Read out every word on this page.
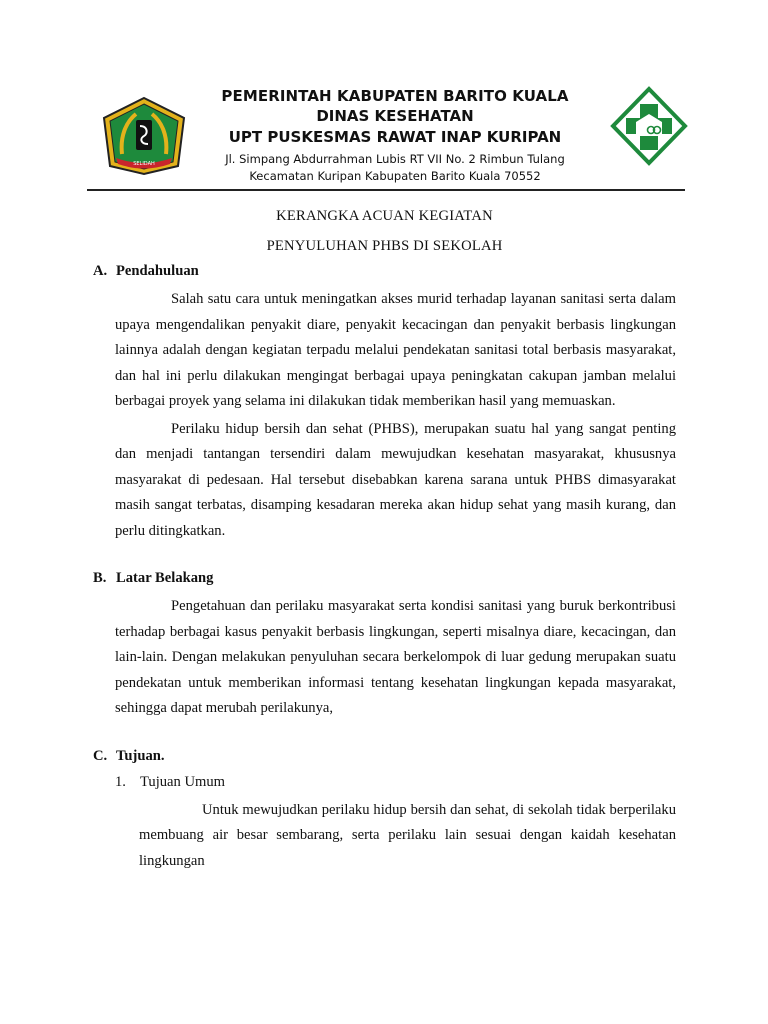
SELIDAH
PEMERINTAH KABUPATEN BARITO KUALA
DINAS KESEHATAN
UPT PUSKESMAS RAWAT INAP KURIPAN
Jl. Simpang Abdurrahman Lubis RT VII No. 2 Rimbun Tulang
Kecamatan Kuripan Kabupaten Barito Kuala 70552
KERANGKA ACUAN KEGIATAN
PENYULUHAN PHBS DI SEKOLAH
A. Pendahuluan

Salah satu cara untuk meningatkan akses murid terhadap layanan sanitasi serta dalam upaya mengendalikan penyakit diare, penyakit kecacingan dan penyakit berbasis lingkungan lainnya adalah dengan kegiatan terpadu melalui pendekatan sanitasi total berbasis masyarakat, dan hal ini perlu dilakukan mengingat berbagai upaya peningkatan cakupan jamban melalui berbagai proyek yang selama ini dilakukan tidak memberikan hasil yang memuaskan.

Perilaku hidup bersih dan sehat (PHBS), merupakan suatu hal yang sangat penting dan menjadi tantangan tersendiri dalam mewujudkan kesehatan masyarakat, khususnya masyarakat di pedesaan. Hal tersebut disebabkan karena sarana untuk PHBS dimasyarakat masih sangat terbatas, disamping kesadaran mereka akan hidup sehat yang masih kurang, dan perlu ditingkatkan.

B. Latar Belakang

Pengetahuan dan perilaku masyarakat serta kondisi sanitasi yang buruk berkontribusi terhadap berbagai kasus penyakit berbasis lingkungan, seperti misalnya diare, kecacingan, dan lain-lain. Dengan melakukan penyuluhan secara berkelompok di luar gedung merupakan suatu pendekatan untuk memberikan informasi tentang kesehatan lingkungan kepada masyarakat, sehingga dapat merubah perilakunya,

C. Tujuan.
1. Tujuan Umum

Untuk mewujudkan perilaku hidup bersih dan sehat, di sekolah tidak berperilaku membuang air besar sembarang, serta perilaku lain sesuai dengan kaidah kesehatan lingkungan
